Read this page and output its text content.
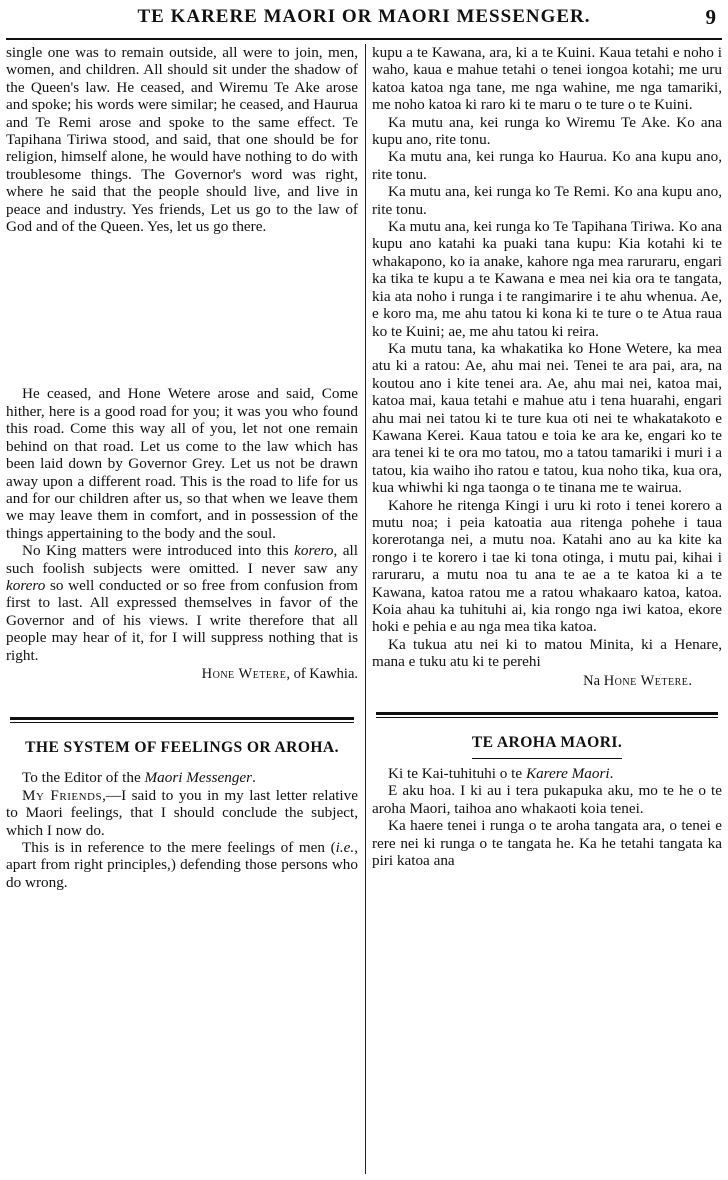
TE KARERE MAORI OR MAORI MESSENGER.	9

single one was to remain outside, all were to join, men, women, and children. All should sit under the shadow of the Queen's law. He ceased, and Wiremu Te Ake arose and spoke; his words were similar; he ceased, and Haurua and Te Remi arose and spoke to the same effect. Te Tapihana Tiriwa stood, and said, that one should be for religion, himself alone, he would have nothing to do with troublesome things. The Governor's word was right, where he said that the people should live, and live in peace and industry. Yes friends, Let us go to the law of God and of the Queen. Yes, let us go there.

He ceased, and Hone Wetere arose and said, Come hither, here is a good road for you; it was you who found this road. Come this way all of you, let not one remain behind on that road. Let us come to the law which has been laid down by Governor Grey. Let us not be drawn away upon a different road. This is the road to life for us and for our children after us, so that when we leave them we may leave them in comfort, and in possession of the things appertaining to the body and the soul.

No King matters were introduced into this korero, all such foolish subjects were omitted. I never saw any korero so well conducted or so free from confusion from first to last. All expressed themselves in favor of the Governor and of his views. I write therefore that all people may hear of it, for I will suppress nothing that is right.

Hone Wetere, of Kawhia.
THE SYSTEM OF FEELINGS OR AROHA.

To the Editor of the Maori Messenger.

My Friends,—I said to you in my last letter relative to Maori feelings, that I should conclude the subject, which I now do.

This is in reference to the mere feelings of men (i.e., apart from right principles,) defending those persons who do wrong.

kupu a te Kawana, ara, ki a te Kuini. Kaua tetahi e noho i waho, kaua e mahue tetahi o tenei iongoa kotahi; me uru katoa katoa nga tane, me nga wahine, me nga tamariki, me noho katoa ki raro ki te maru o te ture o te Kuini.

Ka mutu ana, kei runga ko Wiremu Te Ake. Ko ana kupu ano, rite tonu.

Ka mutu ana, kei runga ko Haurua. Ko ana kupu ano, rite tonu.

Ka mutu ana, kei runga ko Te Remi. Ko ana kupu ano, rite tonu.

Ka mutu ana, kei runga ko Te Tapihana Tiriwa. Ko ana kupu ano katahi ka puaki tana kupu: Kia kotahi ki te whakapono, ko ia anake, kahore nga mea raruraru, engari ka tika te kupu a te Kawana e mea nei kia ora te tangata, kia ata noho i runga i te rangimarire i te ahu whenua. Ae, e koro ma, me ahu tatou ki kona ki te ture o te Atua raua ko te Kuini; ae, me ahu tatou ki reira.

Ka mutu tana, ka whakatika ko Hone Wetere, ka mea atu ki a ratou: Ae, ahu mai nei. Tenei te ara pai, ara, na koutou ano i kite tenei ara. Ae, ahu mai nei, katoa mai, katoa mai, kaua tetahi e mahue atu i tena huarahi, engari ahu mai nei tatou ki te ture kua oti nei te whakatakoto e Kawana Kerei. Kaua tatou e toia ke ara ke, engari ko te ara tenei ki te ora mo tatou, mo a tatou tamariki i muri i a tatou, kia waiho iho ratou e tatou, kua noho tika, kua ora, kua whiwhi ki nga taonga o te tinana me te wairua.

Kahore he ritenga Kingi i uru ki roto i tenei korero a mutu noa; i peia katoatia aua ritenga pohehe i taua korerotanga nei, a mutu noa. Katahi ano au ka kite ka rongo i te korero i tae ki tona otinga, i mutu pai, kihai i raruraru, a mutu noa tu ana te ae a te katoa ki a te Kawana, katoa ratou me a ratou whakaaro katoa, katoa. Koia ahau ka tuhituhi ai, kia rongo nga iwi katoa, ekore hoki e pehia e au nga mea tika katoa.

Ka tukua atu nei ki to matou Minita, ki a Henare, mana e tuku atu ki te perehi

Na Hone Wetere.
TE AROHA MAORI.

Ki te Kai-tuhituhi o te Karere Maori.

E aku hoa. I ki au i tera pukapuka aku, mo te he o te aroha Maori, taihoa ano whakaoti koia tenei.

Ka haere tenei i runga o te aroha tangata ara, o tenei e rere nei ki runga o te tangata he. Ka he tetahi tangata ka piri katoa ana
